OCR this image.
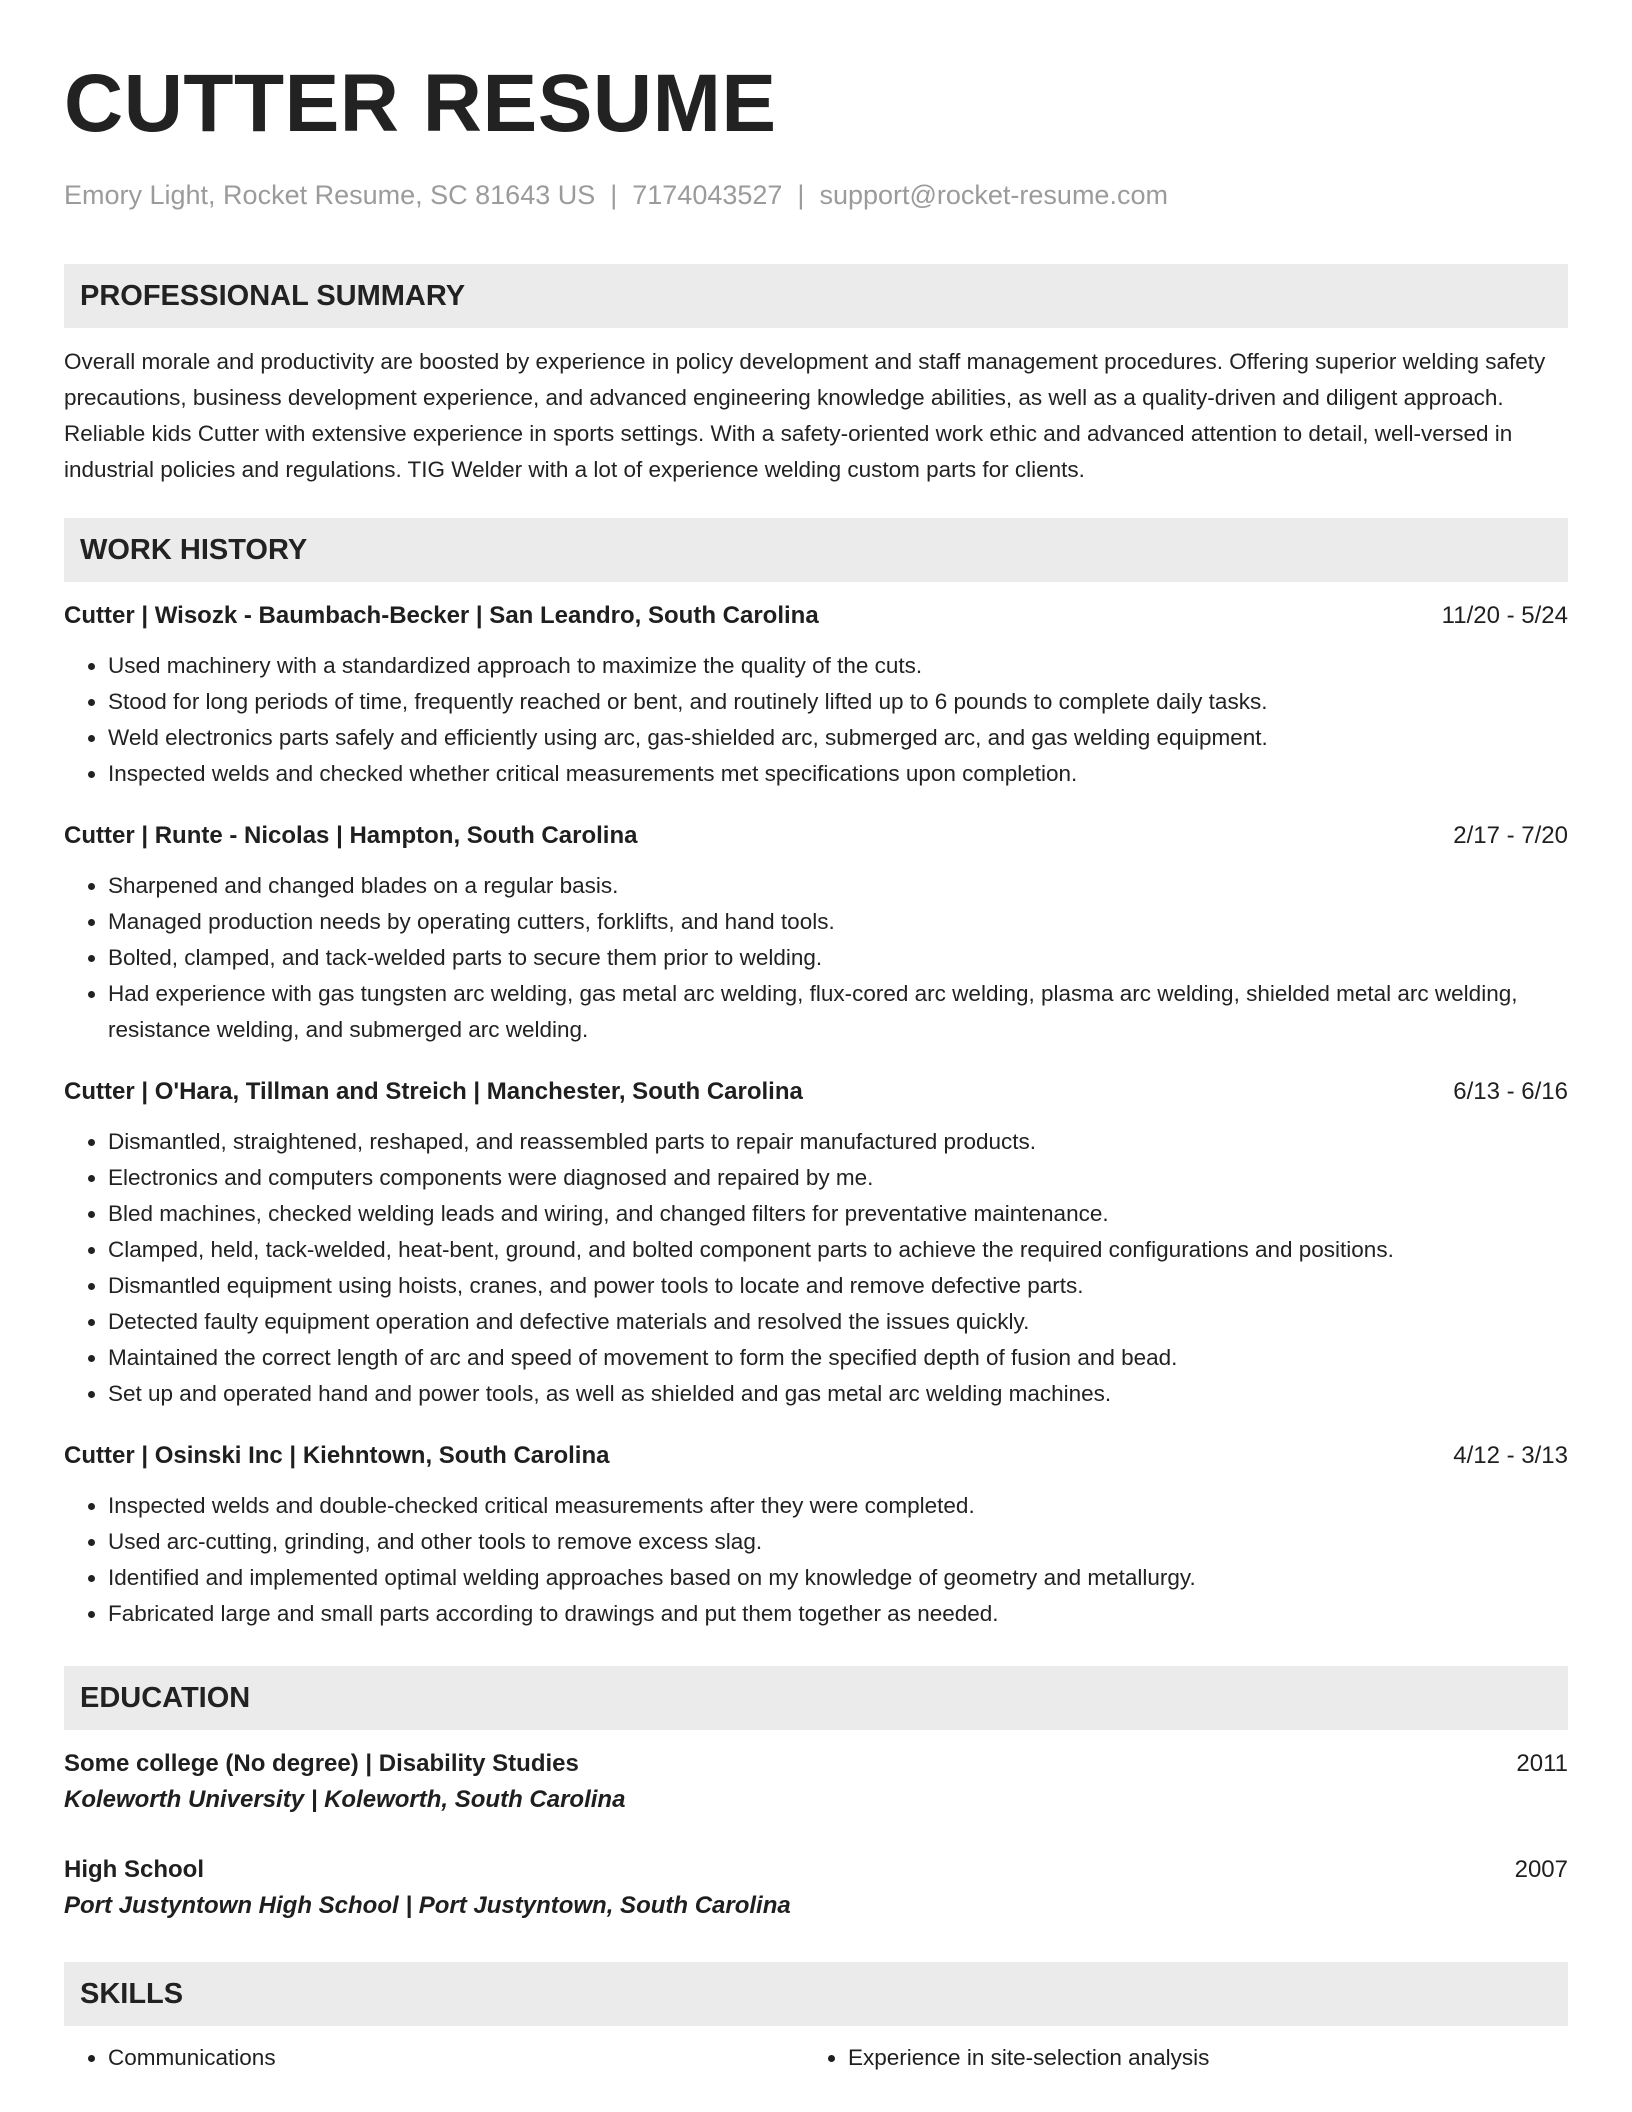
CUTTER RESUME
Emory Light, Rocket Resume, SC 81643 US | 7174043527 | support@rocket-resume.com
PROFESSIONAL SUMMARY
Overall morale and productivity are boosted by experience in policy development and staff management procedures. Offering superior welding safety precautions, business development experience, and advanced engineering knowledge abilities, as well as a quality-driven and diligent approach. Reliable kids Cutter with extensive experience in sports settings. With a safety-oriented work ethic and advanced attention to detail, well-versed in industrial policies and regulations. TIG Welder with a lot of experience welding custom parts for clients.
WORK HISTORY
Cutter | Wisozk - Baumbach-Becker | San Leandro, South Carolina	11/20 - 5/24
• Used machinery with a standardized approach to maximize the quality of the cuts.
• Stood for long periods of time, frequently reached or bent, and routinely lifted up to 6 pounds to complete daily tasks.
• Weld electronics parts safely and efficiently using arc, gas-shielded arc, submerged arc, and gas welding equipment.
• Inspected welds and checked whether critical measurements met specifications upon completion.
Cutter | Runte - Nicolas | Hampton, South Carolina	2/17 - 7/20
• Sharpened and changed blades on a regular basis.
• Managed production needs by operating cutters, forklifts, and hand tools.
• Bolted, clamped, and tack-welded parts to secure them prior to welding.
• Had experience with gas tungsten arc welding, gas metal arc welding, flux-cored arc welding, plasma arc welding, shielded metal arc welding, resistance welding, and submerged arc welding.
Cutter | O'Hara, Tillman and Streich | Manchester, South Carolina	6/13 - 6/16
• Dismantled, straightened, reshaped, and reassembled parts to repair manufactured products.
• Electronics and computers components were diagnosed and repaired by me.
• Bled machines, checked welding leads and wiring, and changed filters for preventative maintenance.
• Clamped, held, tack-welded, heat-bent, ground, and bolted component parts to achieve the required configurations and positions.
• Dismantled equipment using hoists, cranes, and power tools to locate and remove defective parts.
• Detected faulty equipment operation and defective materials and resolved the issues quickly.
• Maintained the correct length of arc and speed of movement to form the specified depth of fusion and bead.
• Set up and operated hand and power tools, as well as shielded and gas metal arc welding machines.
Cutter | Osinski Inc | Kiehntown, South Carolina	4/12 - 3/13
• Inspected welds and double-checked critical measurements after they were completed.
• Used arc-cutting, grinding, and other tools to remove excess slag.
• Identified and implemented optimal welding approaches based on my knowledge of geometry and metallurgy.
• Fabricated large and small parts according to drawings and put them together as needed.
EDUCATION
Some college (No degree) | Disability Studies	2011
Koleworth University | Koleworth, South Carolina
High School	2007
Port Justyntown High School | Port Justyntown, South Carolina
SKILLS
• Communications
•	Experience in site-selection analysis
